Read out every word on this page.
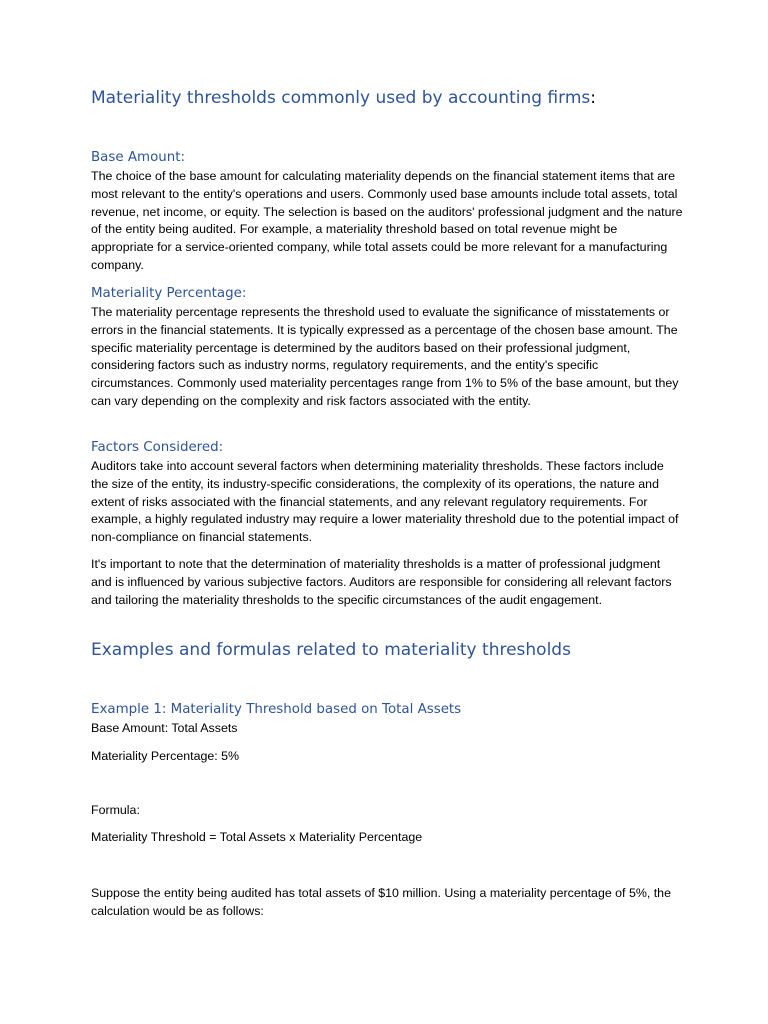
Materiality thresholds commonly used by accounting firms:
Base Amount:

The choice of the base amount for calculating materiality depends on the financial statement items that are most relevant to the entity's operations and users. Commonly used base amounts include total assets, total revenue, net income, or equity. The selection is based on the auditors' professional judgment and the nature of the entity being audited. For example, a materiality threshold based on total revenue might be appropriate for a service-oriented company, while total assets could be more relevant for a manufacturing company.

Materiality Percentage:

The materiality percentage represents the threshold used to evaluate the significance of misstatements or errors in the financial statements. It is typically expressed as a percentage of the chosen base amount. The specific materiality percentage is determined by the auditors based on their professional judgment, considering factors such as industry norms, regulatory requirements, and the entity's specific circumstances. Commonly used materiality percentages range from 1% to 5% of the base amount, but they can vary depending on the complexity and risk factors associated with the entity.

Factors Considered:

Auditors take into account several factors when determining materiality thresholds. These factors include the size of the entity, its industry-specific considerations, the complexity of its operations, the nature and extent of risks associated with the financial statements, and any relevant regulatory requirements. For example, a highly regulated industry may require a lower materiality threshold due to the potential impact of non-compliance on financial statements.

It's important to note that the determination of materiality thresholds is a matter of professional judgment and is influenced by various subjective factors. Auditors are responsible for considering all relevant factors and tailoring the materiality thresholds to the specific circumstances of the audit engagement.

Examples and formulas related to materiality thresholds
Example 1: Materiality Threshold based on Total Assets

Base Amount: Total Assets

Materiality Percentage: 5%

Formula:

Materiality Threshold = Total Assets x Materiality Percentage

Suppose the entity being audited has total assets of $10 million. Using a materiality percentage of 5%, the calculation would be as follows:
